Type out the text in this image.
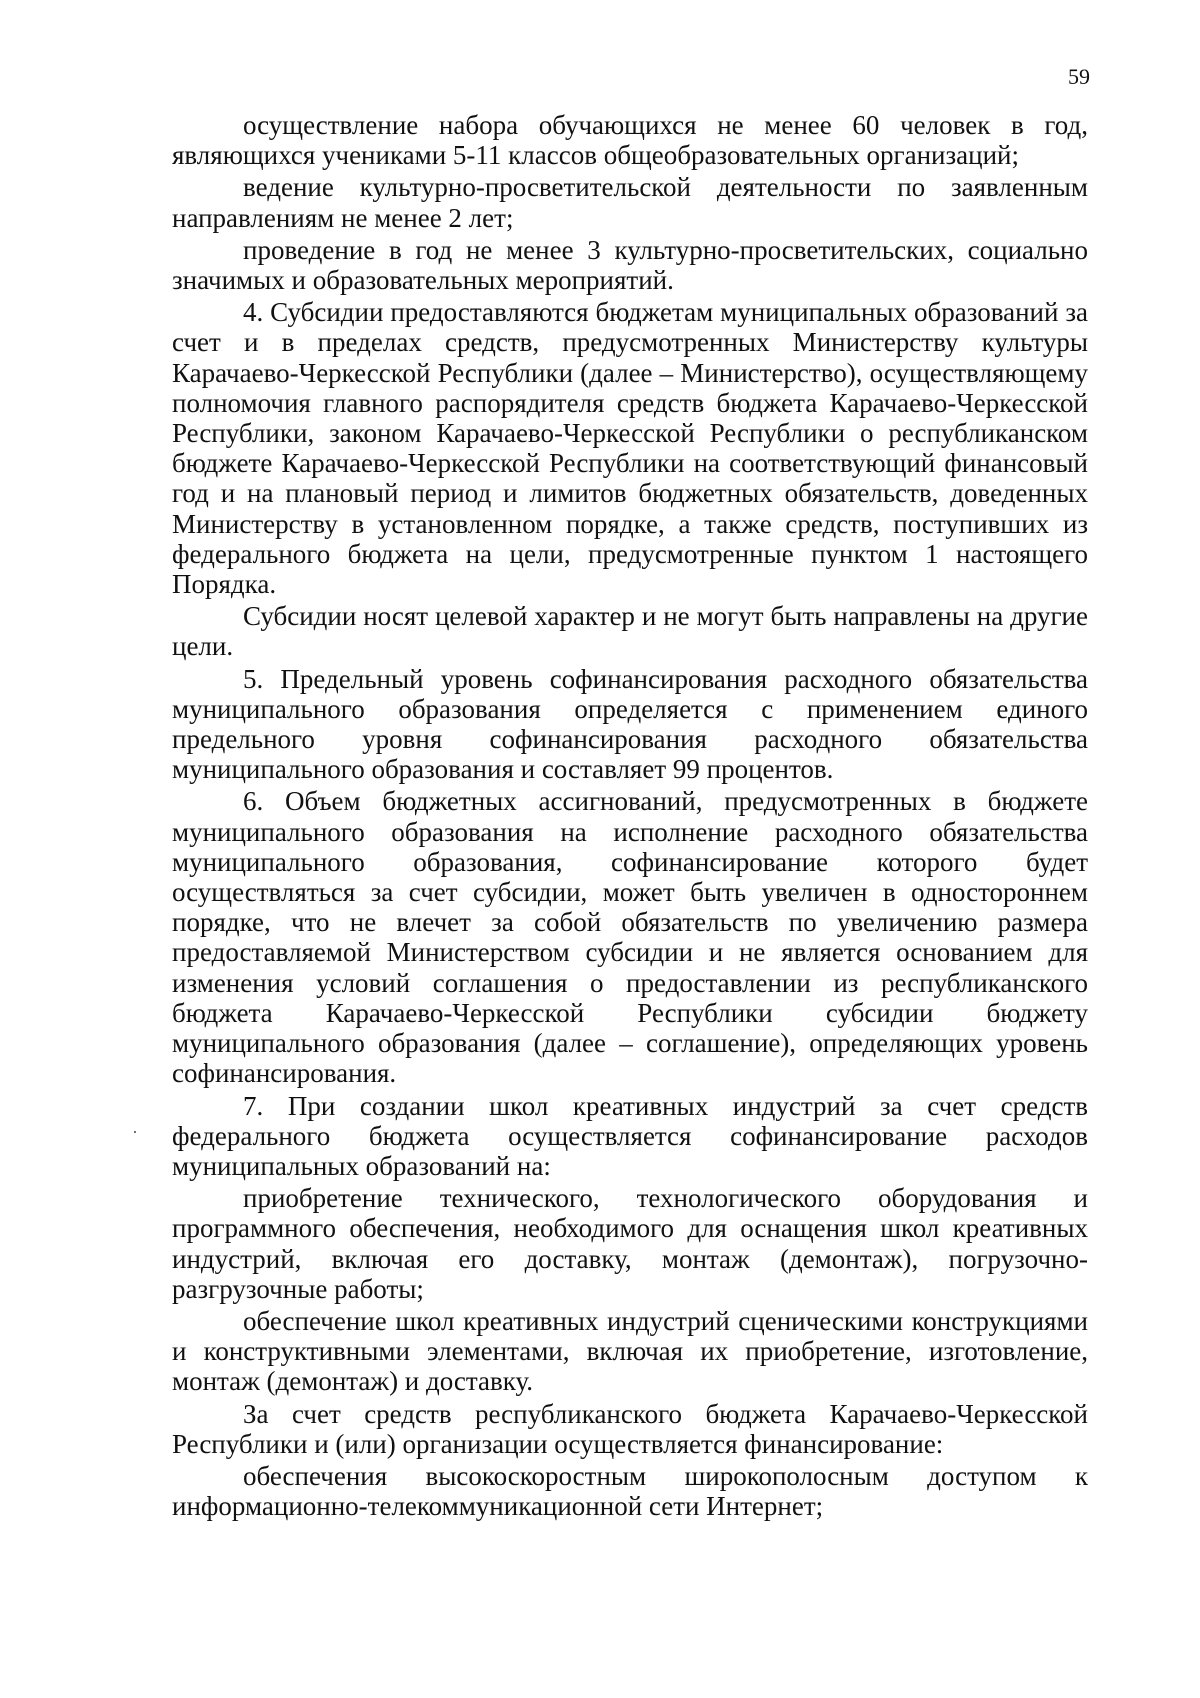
59

осуществление набора обучающихся не менее 60 человек в год, являющихся учениками 5-11 классов общеобразовательных организаций;

ведение культурно-просветительской деятельности по заявленным направлениям не менее 2 лет;

проведение в год не менее 3 культурно-просветительских, социально значимых и образовательных мероприятий.

4. Субсидии предоставляются бюджетам муниципальных образований за счет и в пределах средств, предусмотренных Министерству культуры Карачаево-Черкесской Республики (далее – Министерство), осуществляющему полномочия главного распорядителя средств бюджета Карачаево-Черкесской Республики, законом Карачаево-Черкесской Республики о республиканском бюджете Карачаево-Черкесской Республики на соответствующий финансовый год и на плановый период и лимитов бюджетных обязательств, доведенных Министерству в установленном порядке, а также средств, поступивших из федерального бюджета на цели, предусмотренные пунктом 1 настоящего Порядка.

Субсидии носят целевой характер и не могут быть направлены на другие цели.

5. Предельный уровень софинансирования расходного обязательства муниципального образования определяется с применением единого предельного уровня софинансирования расходного обязательства муниципального образования и составляет 99 процентов.

6. Объем бюджетных ассигнований, предусмотренных в бюджете муниципального образования на исполнение расходного обязательства муниципального образования, софинансирование которого будет осуществляться за счет субсидии, может быть увеличен в одностороннем порядке, что не влечет за собой обязательств по увеличению размера предоставляемой Министерством субсидии и не является основанием для изменения условий соглашения о предоставлении из республиканского бюджета Карачаево-Черкесской Республики субсидии бюджету муниципального образования (далее – соглашение), определяющих уровень софинансирования.

7. При создании школ креативных индустрий за счет средств федерального бюджета осуществляется софинансирование расходов муниципальных образований на:

приобретение технического, технологического оборудования и программного обеспечения, необходимого для оснащения школ креативных индустрий, включая его доставку, монтаж (демонтаж), погрузочно-разгрузочные работы;

обеспечение школ креативных индустрий сценическими конструкциями и конструктивными элементами, включая их приобретение, изготовление, монтаж (демонтаж) и доставку.

За счет средств республиканского бюджета Карачаево-Черкесской Республики и (или) организации осуществляется финансирование:

обеспечения высокоскоростным широкополосным доступом к информационно-телекоммуникационной сети Интернет;
